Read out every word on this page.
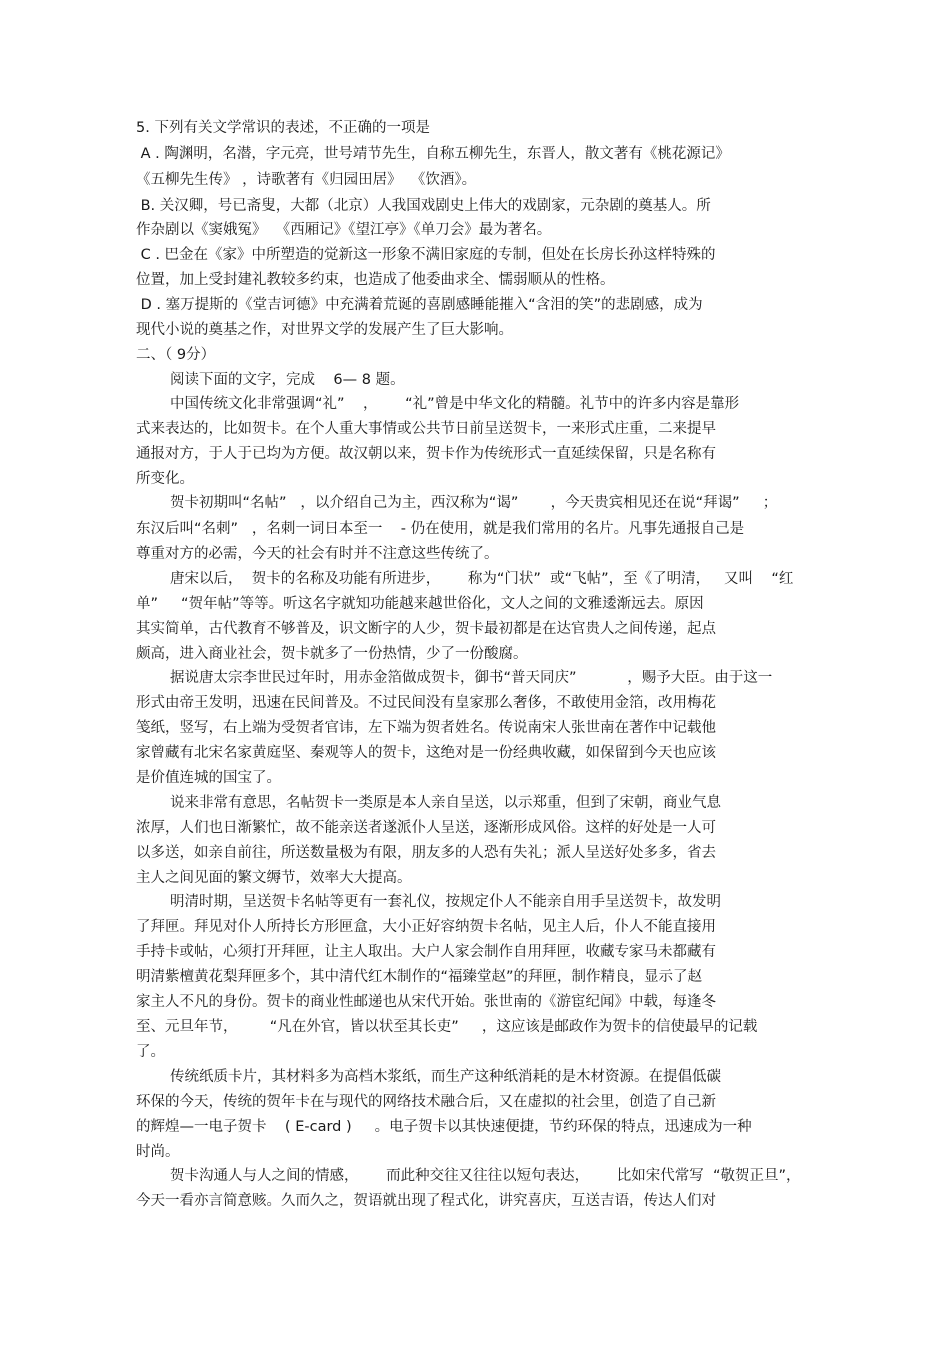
5. 下列有关文学常识的表述，不正确的一项是
A . 陶渊明，名潜，字元亮，世号靖节先生，自称五柳先生，东晋人，散文著有《桃花源记》
《五柳先生传》 ，诗歌著有《归园田居》  《饮酒》。
B. 关汉卿，号已斋叟，大都（北京）人我国戏剧史上伟大的戏剧家，元杂剧的奠基人。所
作杂剧以《窦娥冤》  《西厢记》《望江亭》《单刀会》最为著名。
C . 巴金在《家》中所塑造的觉新这一形象不满旧家庭的专制，但处在长房长孙这样特殊的
位置，加上受封建礼教较多约束，也造成了他委曲求全、懦弱顺从的性格。
D . 塞万提斯的《堂吉诃德》中充满着荒诞的喜剧感睡能摧入“含泪的笑”的悲剧感，成为
现代小说的奠基之作，对世界文学的发展产生了巨大影响。
二、（ 9分）
阅读下面的文字，完成    6— 8 题。
中国传统文化非常强调“礼”    ，      “礼”曾是中华文化的精髓。礼节中的许多内容是靠形
式来表达的，比如贺卡。在个人重大事情或公共节日前呈送贺卡，一来形式庄重，二来提早
通报对方，于人于已均为方便。故汉朝以来，贺卡作为传统形式一直延续保留，只是名称有
所变化。
贺卡初期叫“名帖”   ，以介绍自己为主，西汉称为“谒”       ，今天贵宾相见还在说“拜谒”     ；
东汉后叫“名刺”   ，名刺一词日本至一    - 仍在使用，就是我们常用的名片。凡事先通报自己是
尊重对方的必需，今天的社会有时并不注意这些传统了。
唐宋以后，  贺卡的名称及功能有所进步，      称为“门状”  或“飞帖”，至《了明清，   又叫    “红
单”     “贺年帖”等等。听这名字就知功能越来越世俗化，文人之间的文雅逶渐远去。原因
其实简单，古代教育不够普及，识文断字的人少，贺卡最初都是在达官贵人之间传递，起点
颇高，进入商业社会，贺卡就多了一份热情，少了一份酸腐。
据说唐太宗李世民过年时，用赤金箔做成贺卡，御书“普天同庆”           ，赐予大臣。由于这一
形式由帝王发明，迅速在民间普及。不过民间没有皇家那么奢侈，不敢使用金箔，改用梅花
笺纸，竖写，右上端为受贺者官讳，左下端为贺者姓名。传说南宋人张世南在著作中记载他
家曾藏有北宋名家黄庭坚、秦观等人的贺卡，这绝对是一份经典收藏，如保留到今天也应该
是价值连城的国宝了。
说来非常有意思，名帖贺卡一类原是本人亲自呈送，以示郑重，但到了宋朝，商业气息
浓厚，人们也日渐繁忙，故不能亲送者遂派仆人呈送，逐渐形成风俗。这样的好处是一人可
以多送，如亲自前往，所送数量极为有限，朋友多的人恐有失礼；派人呈送好处多多，省去
主人之间见面的繁文缛节，效率大大提高。
明清时期，呈送贺卡名帖等更有一套礼仪，按规定仆人不能亲自用手呈送贺卡，故发明
了拜匣。拜见对仆人所持长方形匣盒，大小正好容纳贺卡名帖，见主人后，仆人不能直接用
手持卡或帖，心须打开拜匣，让主人取出。大户人家会制作自用拜匣，收藏专家马未都藏有
明清紫檀黄花梨拜匣多个，其中清代红木制作的“福臻堂赵”的拜匣，制作精良，显示了赵
家主人不凡的身份。贺卡的商业性邮递也从宋代开始。张世南的《游宦纪闻》中载，每逢冬
至、元旦年节，       “凡在外官，皆以状至其长吏”     ，这应该是邮政作为贺卡的信使最早的记载
了。
传统纸质卡片，其材料多为高档木浆纸，而生产这种纸消耗的是木材资源。在提倡低碳
环保的今天，传统的贺年卡在与现代的网络技术融合后，又在虚拟的社会里，创造了自己新
的辉煌—一电子贺卡    ( E-card )     。电子贺卡以其快速便捷，节约环保的特点，迅速成为一种
时尚。
贺卡沟通人与人之间的情感，      而此种交往又往往以短句表达，      比如宋代常写  “敬贺正旦”，
今天一看亦言简意赅。久而久之，贺语就出现了程式化，讲究喜庆，互送吉语，传达人们对
